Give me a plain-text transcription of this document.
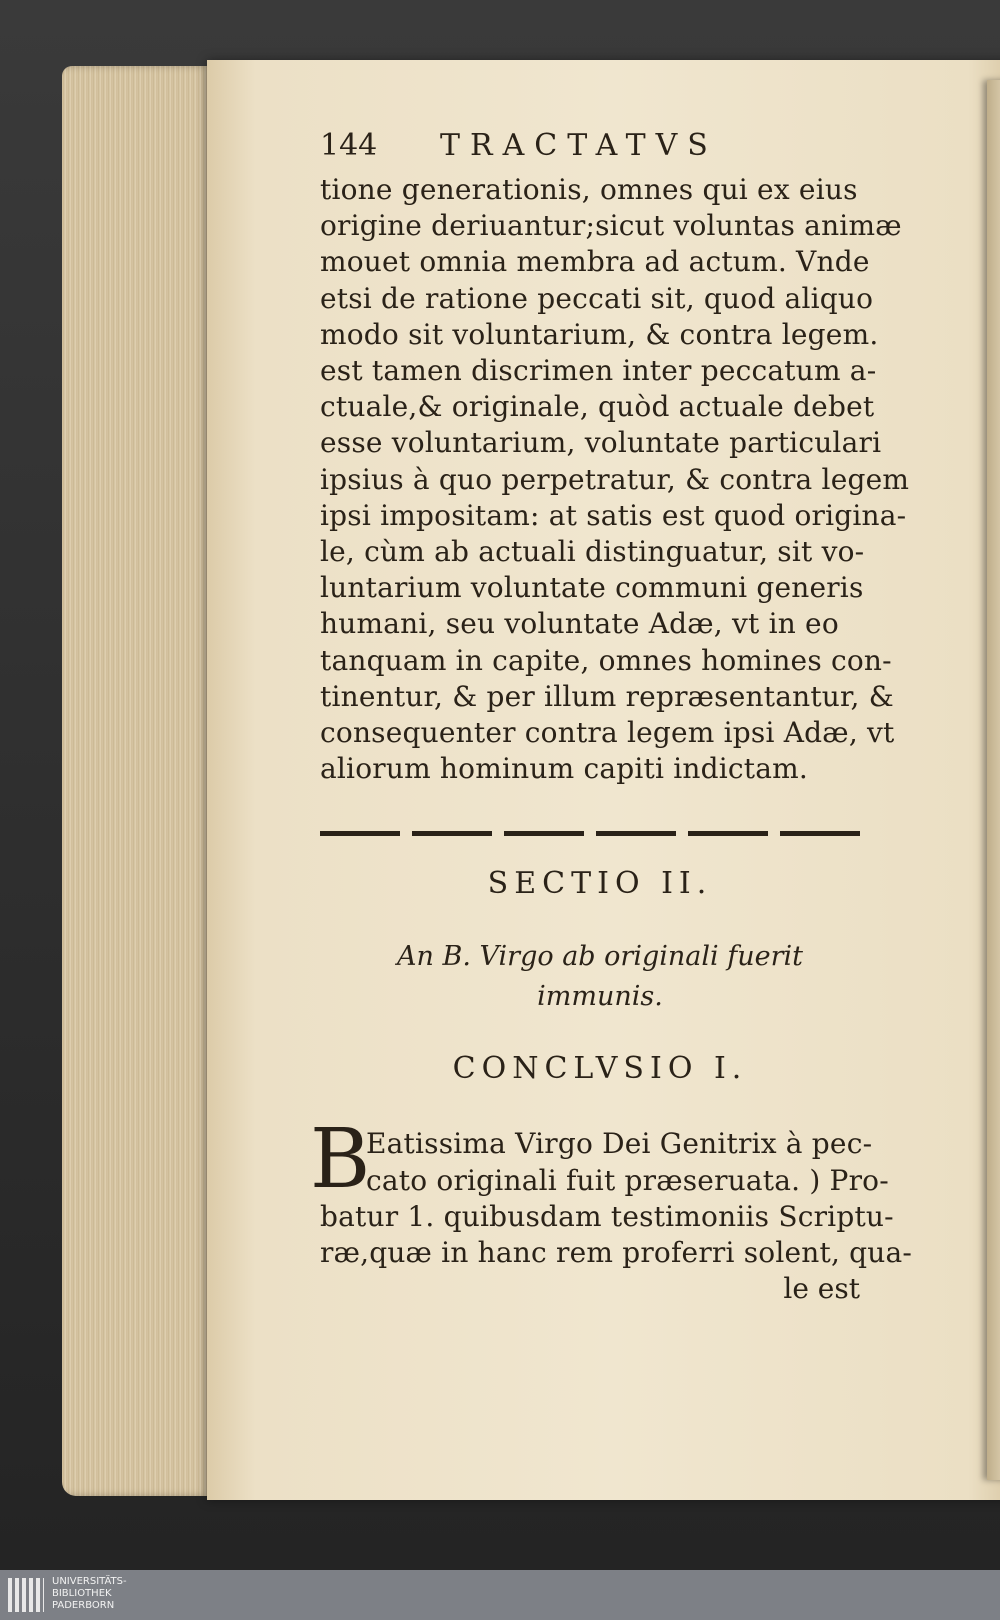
144	TRACTATVS
tione generationis, omnes qui ex eius
origine deriuantur;sicut voluntas animæ
mouet omnia membra ad actum. Vnde
etsi de ratione peccati sit, quod aliquo
modo sit voluntarium, & contra legem.
est tamen discrimen inter peccatum a-
ctuale,& originale, quòd actuale debet
esse voluntarium, voluntate particulari
ipsius à quo perpetratur, & contra legem
ipsi impositam: at satis est quod origina-
le, cùm ab actuali distinguatur, sit vo-
luntarium voluntate communi generis
humani, seu voluntate Adæ, vt in eo
tanquam in capite, omnes homines con-
tinentur, & per illum repræsentantur, &
consequenter contra legem ipsi Adæ, vt
aliorum hominum capiti indictam.
SECTIO II.
An B. Virgo ab originali fuerit
immunis.
CONCLVSIO I.
B
Eatissima Virgo Dei Genitrix à pec-
cato originali fuit præseruata. ) Pro-
batur 1. quibusdam testimoniis Scriptu-
ræ,quæ in hanc rem proferri solent, qua-
le est
UNIVERSITÄTS-
BIBLIOTHEK
PADERBORN
